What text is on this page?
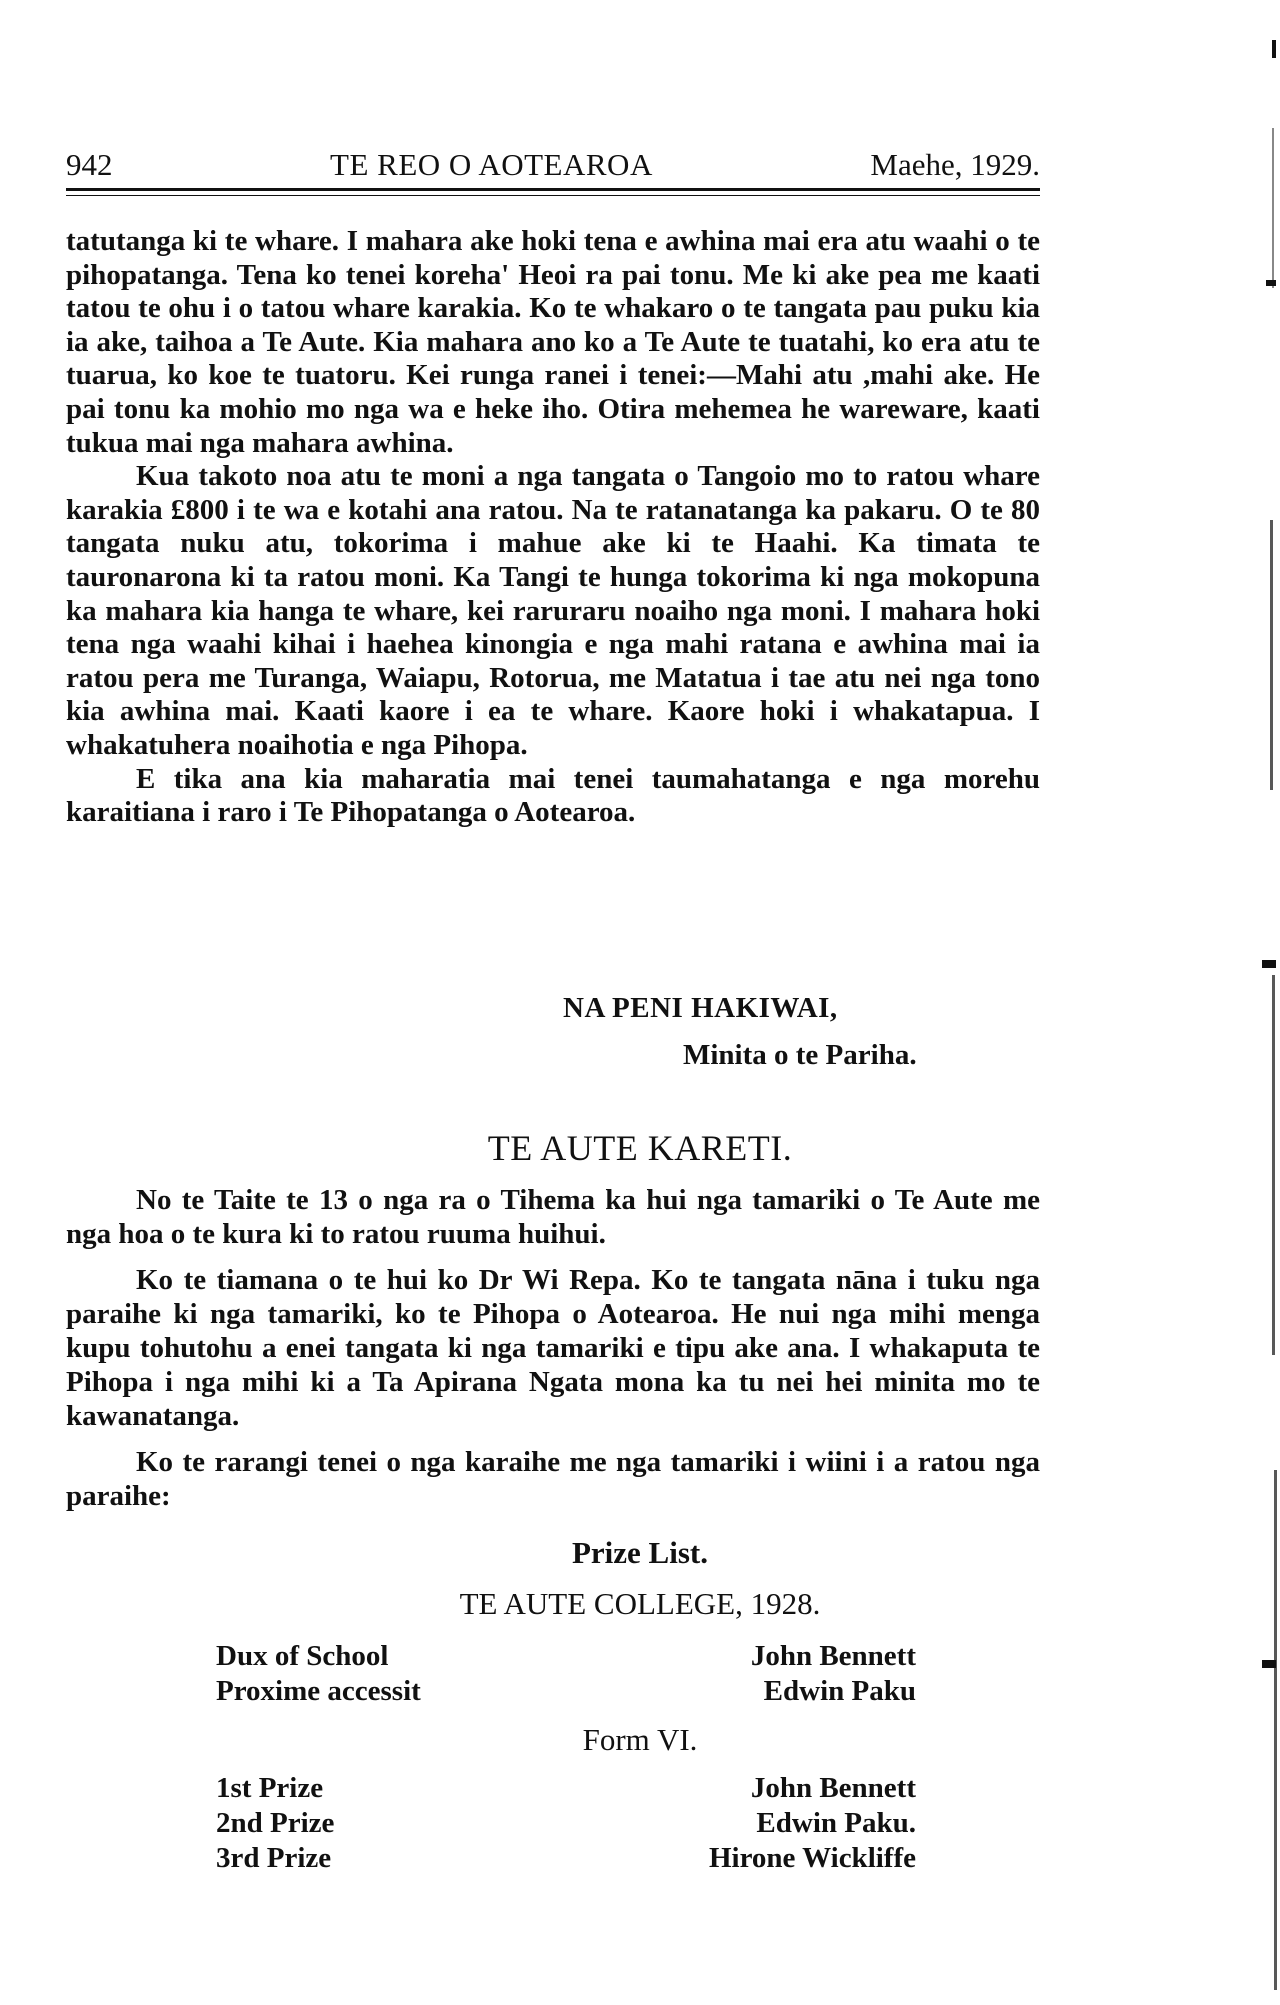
942	TE REO O AOTEAROA	Maehe, 1929.

tatutanga ki te whare. I mahara ake hoki tena e awhina mai era atu waahi o te pihopatanga. Tena ko tenei koreha' Heoi ra pai tonu. Me ki ake pea me kaati tatou te ohu i o tatou whare karakia. Ko te whakaro o te tangata pau puku kia ia ake, taihoa a Te Aute. Kia mahara ano ko a Te Aute te tuatahi, ko era atu te tuarua, ko koe te tuatoru. Kei runga ranei i tenei:—Mahi atu ,mahi ake. He pai tonu ka mohio mo nga wa e heke iho. Otira mehemea he wareware, kaati tukua mai nga mahara awhina.

Kua takoto noa atu te moni a nga tangata o Tangoio mo to ratou whare karakia £800 i te wa e kotahi ana ratou. Na te ratanatanga ka pakaru. O te 80 tangata nuku atu, tokorima i mahue ake ki te Haahi. Ka timata te tauronarona ki ta ratou moni. Ka Tangi te hunga tokorima ki nga mokopuna ka mahara kia hanga te whare, kei raruraru noaiho nga moni. I mahara hoki tena nga waahi kihai i haehea kinongia e nga mahi ratana e awhina mai ia ratou pera me Turanga, Waiapu, Rotorua, me Matatua i tae atu nei nga tono kia awhina mai. Kaati kaore i ea te whare. Kaore hoki i whakatapua. I whakatuhera noaihotia e nga Pihopa.

E tika ana kia maharatia mai tenei taumahatanga e nga morehu karaitiana i raro i Te Pihopatanga o Aotearoa.

NA PENI HAKIWAI,
Minita o te Pariha.
TE AUTE KARETI.

No te Taite te 13 o nga ra o Tihema ka hui nga tamariki o Te Aute me nga hoa o te kura ki to ratou ruuma huihui.

Ko te tiamana o te hui ko Dr Wi Repa. Ko te tangata nāna i tuku nga paraihe ki nga tamariki, ko te Pihopa o Aotearoa. He nui nga mihi menga kupu tohutohu a enei tangata ki nga tamariki e tipu ake ana. I whakaputa te Pihopa i nga mihi ki a Ta Apirana Ngata mona ka tu nei hei minita mo te kawanatanga.

Ko te rarangi tenei o nga karaihe me nga tamariki i wiini i a ratou nga paraihe:

Prize List.
TE AUTE COLLEGE, 1928.
Dux of School	John Bennett
Proxime accessit	Edwin Paku
Form VI.
1st Prize	John Bennett
2nd Prize	Edwin Paku.
3rd Prize	Hirone Wickliffe
